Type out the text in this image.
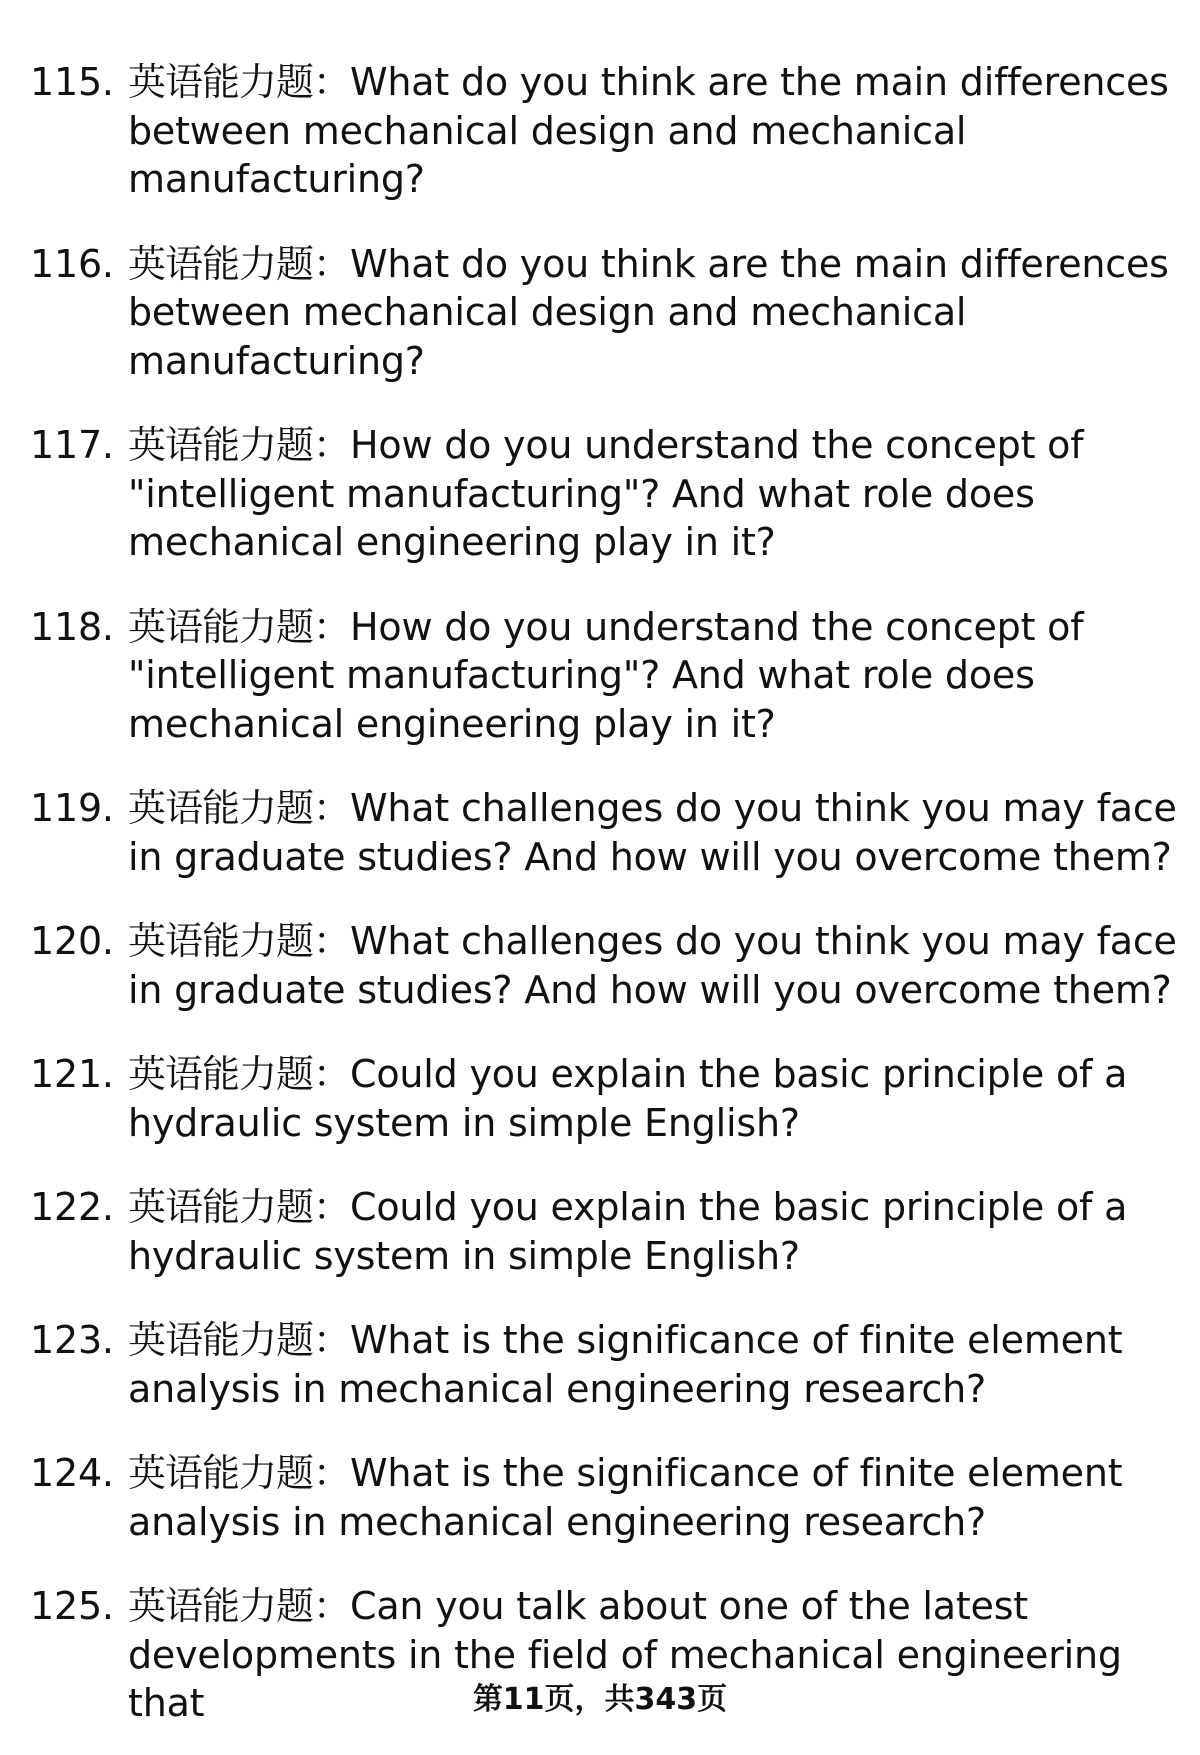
115. 英语能力题：What do you think are the main differences between mechanical design and mechanical manufacturing?
116. 英语能力题：What do you think are the main differences between mechanical design and mechanical manufacturing?
117. 英语能力题：How do you understand the concept of "intelligent manufacturing"? And what role does mechanical engineering play in it?
118. 英语能力题：How do you understand the concept of "intelligent manufacturing"? And what role does mechanical engineering play in it?
119. 英语能力题：What challenges do you think you may face in graduate studies? And how will you overcome them?
120. 英语能力题：What challenges do you think you may face in graduate studies? And how will you overcome them?
121. 英语能力题：Could you explain the basic principle of a hydraulic system in simple English?
122. 英语能力题：Could you explain the basic principle of a hydraulic system in simple English?
123. 英语能力题：What is the significance of finite element analysis in mechanical engineering research?
124. 英语能力题：What is the significance of finite element analysis in mechanical engineering research?
125. 英语能力题：Can you talk about one of the latest developments in the field of mechanical engineering that	第11页，共343页
